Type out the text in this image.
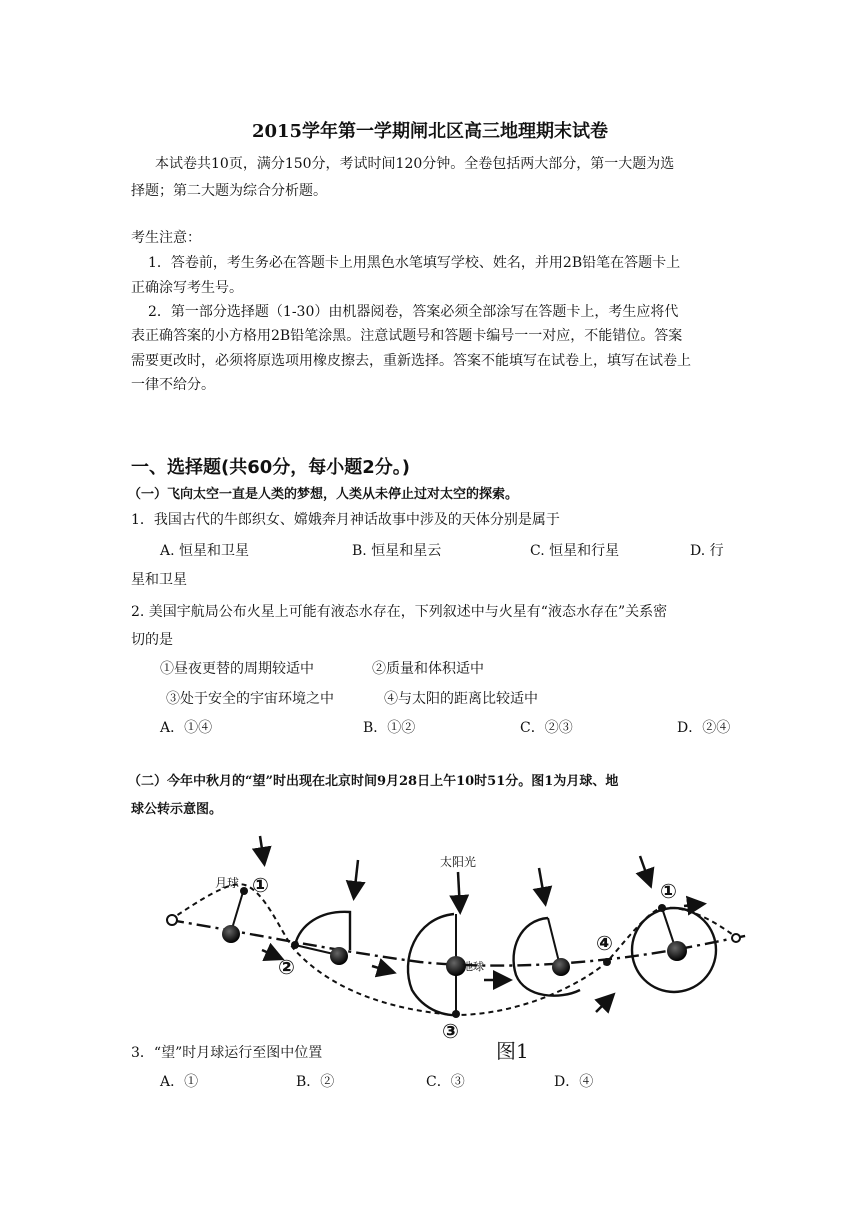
2015学年第一学期闸北区高三地理期末试卷
本试卷共10页，满分150分，考试时间120分钟。全卷包括两大部分，第一大题为选
择题；第二大题为综合分析题。
考生注意：
1．答卷前，考生务必在答题卡上用黑色水笔填写学校、姓名，并用2B铅笔在答题卡上
正确涂写考生号。
2．第一部分选择题（1-30）由机器阅卷，答案必须全部涂写在答题卡上，考生应将代
表正确答案的小方格用2B铅笔涂黑。注意试题号和答题卡编号一一对应，不能错位。答案
需要更改时，必须将原选项用橡皮擦去，重新选择。答案不能填写在试卷上，填写在试卷上
一律不给分。
一、选择题(共60分，每小题2分。)
（一）飞向太空一直是人类的梦想，人类从未停止过对太空的探索。
1．我国古代的牛郎织女、嫦娥奔月神话故事中涉及的天体分别是属于
A. 恒星和卫星	B. 恒星和星云	C. 恒星和行星	D. 行
星和卫星
2. 美国宇航局公布火星上可能有液态水存在，下列叙述中与火星有“液态水存在”关系密
切的是
①昼夜更替的周期较适中	②质量和体积适中
③处于安全的宇宙环境之中	④与太阳的距离比较适中
A．①④	B．①②	C．②③	D．②④
（二）今年中秋月的“望”时出现在北京时间9月28日上午10时51分。图1为月球、地
球公转示意图。
太阳光
月球
地球
①
②
③
④
①
图1
3．“望”时月球运行至图中位置
A．①	B．②	C．③	D．④
